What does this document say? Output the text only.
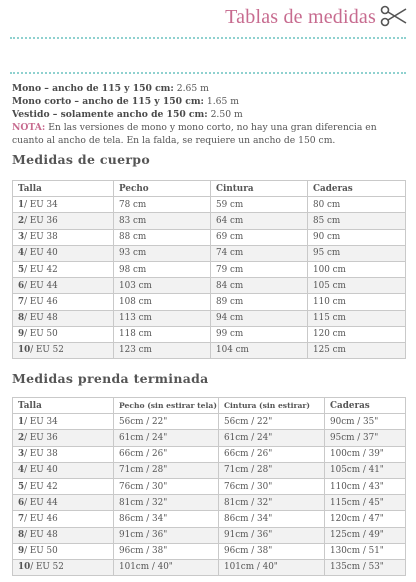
Tablas de medidas
Mono – ancho de 115 y 150 cm: 2.65 m
Mono corto – ancho de 115 y 150 cm: 1.65 m
Vestido – solamente ancho de 150 cm: 2.50 m
NOTA: En las versiones de mono y mono corto, no hay una gran diferencia en cuanto al ancho de tela. En la falda, se requiere un ancho de 150 cm.
Medidas de cuerpo
Talla	Pecho	Cintura	Caderas
1/ EU 34	78 cm	59 cm	80 cm
2/ EU 36	83 cm	64 cm	85 cm
3/ EU 38	88 cm	69 cm	90 cm
4/ EU 40	93 cm	74 cm	95 cm
5/ EU 42	98 cm	79 cm	100 cm
6/ EU 44	103 cm	84 cm	105 cm
7/ EU 46	108 cm	89 cm	110 cm
8/ EU 48	113 cm	94 cm	115 cm
9/ EU 50	118 cm	99 cm	120 cm
10/ EU 52	123 cm	104 cm	125 cm
Medidas prenda terminada
Talla	Pecho (sin estirar tela)	Cintura (sin estirar)	Caderas
1/ EU 34	56cm / 22"	56cm / 22"	90cm / 35"
2/ EU 36	61cm / 24"	61cm / 24"	95cm / 37"
3/ EU 38	66cm / 26"	66cm / 26"	100cm / 39"
4/ EU 40	71cm / 28"	71cm / 28"	105cm / 41"
5/ EU 42	76cm / 30"	76cm / 30"	110cm / 43"
6/ EU 44	81cm / 32"	81cm / 32"	115cm / 45"
7/ EU 46	86cm / 34"	86cm / 34"	120cm / 47"
8/ EU 48	91cm / 36"	91cm / 36"	125cm / 49"
9/ EU 50	96cm / 38"	96cm / 38"	130cm / 51"
10/ EU 52	101cm / 40"	101cm / 40"	135cm / 53"
